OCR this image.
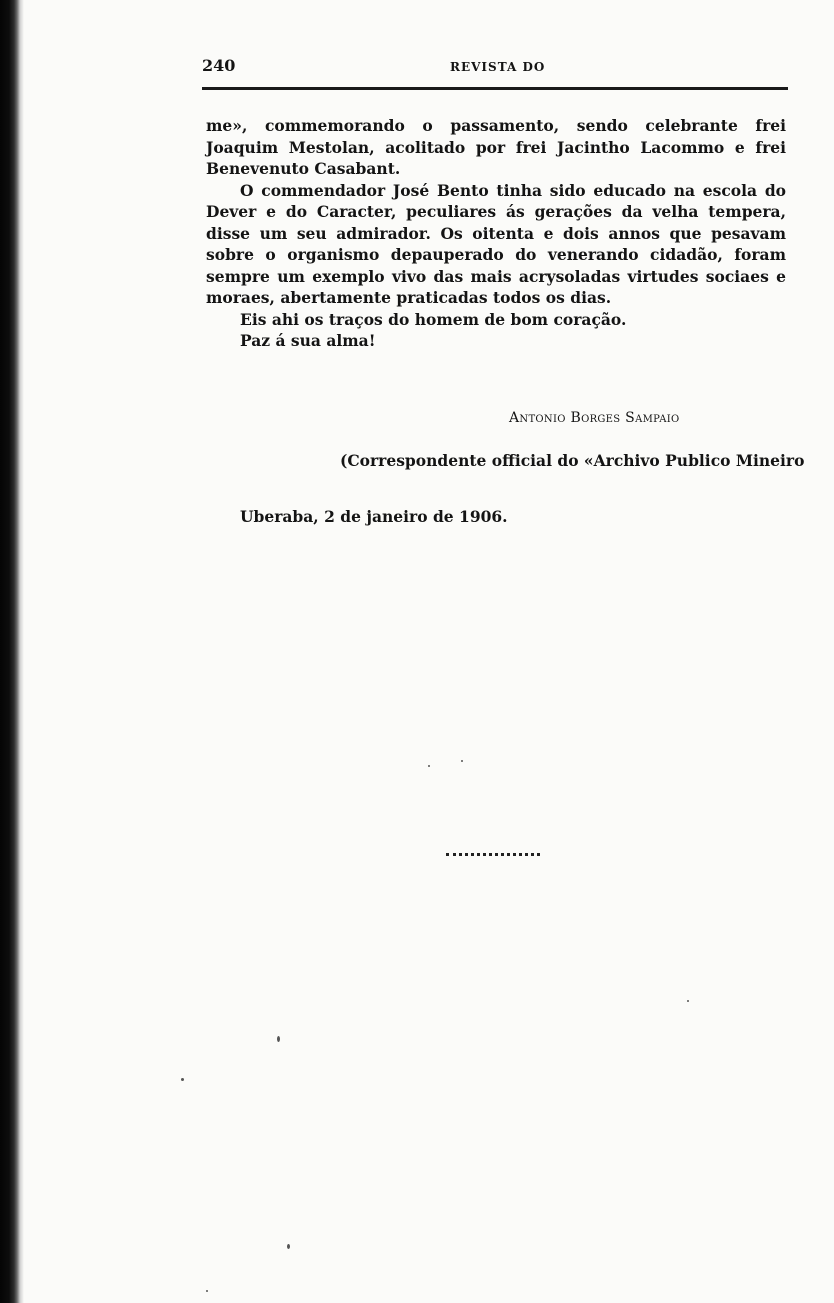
240	REVISTA DO

me», commemorando o passamento, sendo celebrante frei Joaquim Mestolan, acolitado por frei Jacintho Lacommo e frei Benevenuto Casabant.

O commendador José Bento tinha sido educado na escola do Dever e do Caracter, peculiares ás gerações da velha tempera, disse um seu admirador. Os oitenta e dois annos que pesavam sobre o organismo depauperado do venerando cidadão, foram sempre um exemplo vivo das mais acrysoladas virtudes sociaes e moraes, abertamente praticadas todos os dias.

Eis ahi os traços do homem de bom coração.

Paz á sua alma!

Antonio Borges Sampaio
(Correspondente official do «Archivo Publico Mineiro
Uberaba, 2 de janeiro de 1906.
